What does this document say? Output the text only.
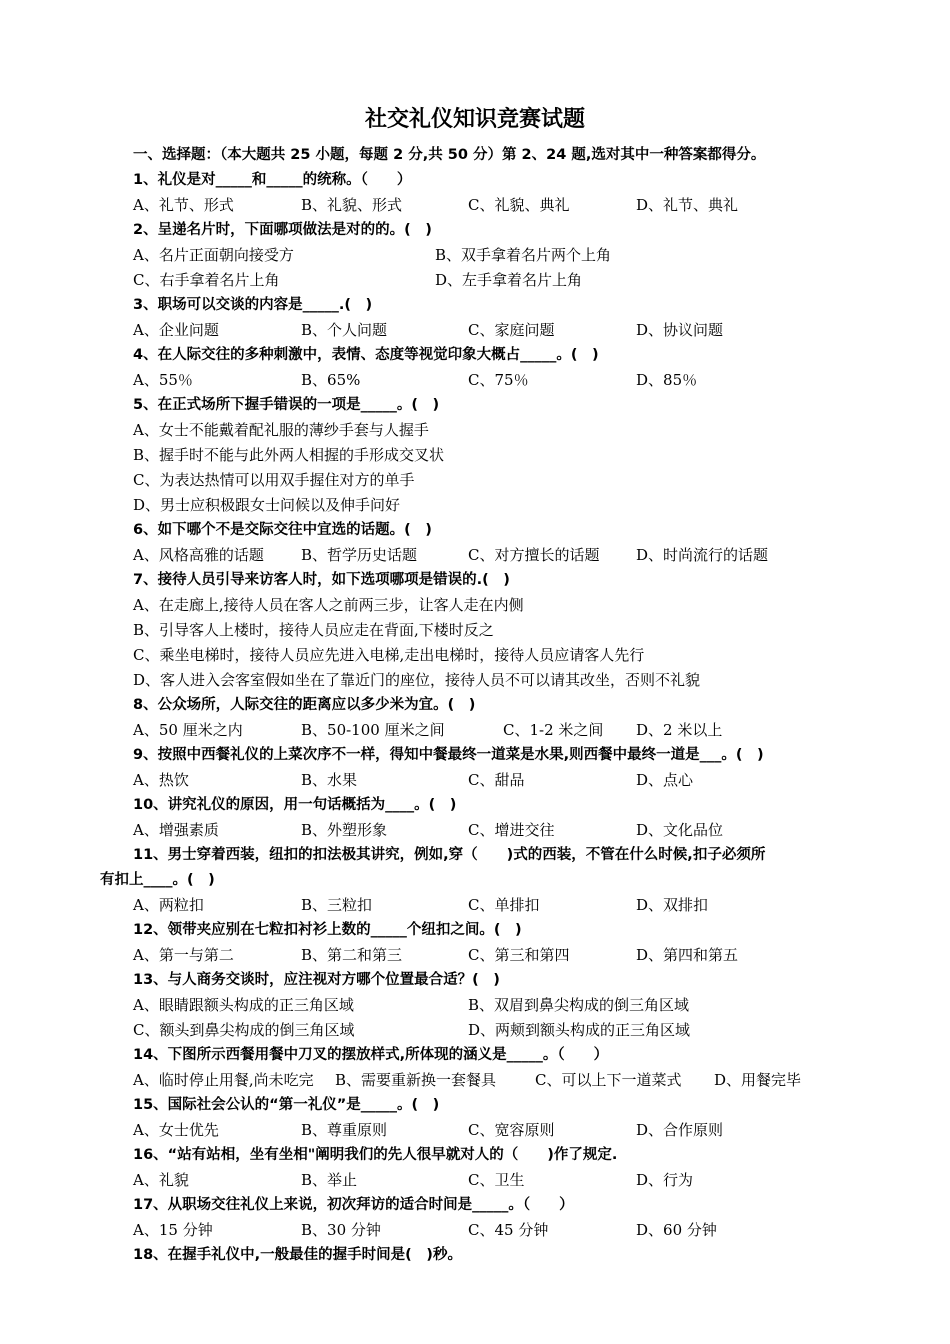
社交礼仪知识竞赛试题
一、选择题：（本大题共 25 小题，每题 2 分,共 50 分）第 2、24 题,选对其中一种答案都得分。
1、礼仪是对_____和_____的统称。（　　）
A、礼节、形式	B、礼貌、形式	C、礼貌、典礼	D、礼节、典礼
2、呈递名片时，下面哪项做法是对的的。(　)
A、名片正面朝向接受方	B、双手拿着名片两个上角
C、右手拿着名片上角	D、左手拿着名片上角
3、职场可以交谈的内容是_____.(　)
A、企业问题	B、个人问题	C、家庭问题	D、协议问题
4、在人际交往的多种刺激中，表情、态度等视觉印象大概占_____。(　)
A、55％	B、65%	C、75％	D、85％
5、在正式场所下握手错误的一项是_____。(　)
A、女士不能戴着配礼服的薄纱手套与人握手
B、握手时不能与此外两人相握的手形成交叉状
C、为表达热情可以用双手握住对方的单手
D、男士应积极跟女士问候以及伸手问好
6、如下哪个不是交际交往中宜选的话题。(　)
A、风格高雅的话题 B、哲学历史话题	C、对方擅长的话题 D、时尚流行的话题
7、接待人员引导来访客人时，如下选项哪项是错误的.(　)
A、在走廊上,接待人员在客人之前两三步，让客人走在内侧
B、引导客人上楼时，接待人员应走在背面,下楼时反之
C、乘坐电梯时，接待人员应先进入电梯,走出电梯时，接待人员应请客人先行
D、客人进入会客室假如坐在了靠近门的座位，接待人员不可以请其改坐，否则不礼貌
8、公众场所，人际交往的距离应以多少米为宜。(　)
A、50 厘米之内	B、50-100 厘米之间	C、1-2 米之间 D、2 米以上
9、按照中西餐礼仪的上菜次序不一样，得知中餐最终一道菜是水果,则西餐中最终一道是___。(　)
A、热饮	B、水果	C、甜品	D、点心
10、讲究礼仪的原因，用一句话概括为____。(　)
A、增强素质	B、外塑形象	C、增进交往	D、文化品位
11、男士穿着西装，纽扣的扣法极其讲究，例如,穿（　　)式的西装，不管在什么时候,扣子必须所
有扣上____。(　)
A、两粒扣	B、三粒扣	C、单排扣	D、双排扣
12、领带夹应别在七粒扣衬衫上数的_____个纽扣之间。(　)
A、第一与第二	B、第二和第三	C、第三和第四	D、第四和第五
13、与人商务交谈时，应注视对方哪个位置最合适？(　)
A、眼睛跟额头构成的正三角区域	B、双眉到鼻尖构成的倒三角区域
C、额头到鼻尖构成的倒三角区域	D、两颊到额头构成的正三角区域
14、下图所示西餐用餐中刀叉的摆放样式,所体现的涵义是_____。（　　）
A、临时停止用餐,尚未吃完 B、需要重新换一套餐具	C、可以上下一道菜式 D、用餐完毕
15、国际社会公认的“第一礼仪”是_____。(　)
A、女士优先	B、尊重原则	C、宽容原则	D、合作原则
16、“站有站相，坐有坐相"阐明我们的先人很早就对人的（　　)作了规定.
A、礼貌	B、举止	C、卫生	D、行为
17、从职场交往礼仪上来说，初次拜访的适合时间是_____。（　　）
A、15 分钟	B、30 分钟	C、45 分钟	D、60 分钟
18、在握手礼仪中,一般最佳的握手时间是(　)秒。
